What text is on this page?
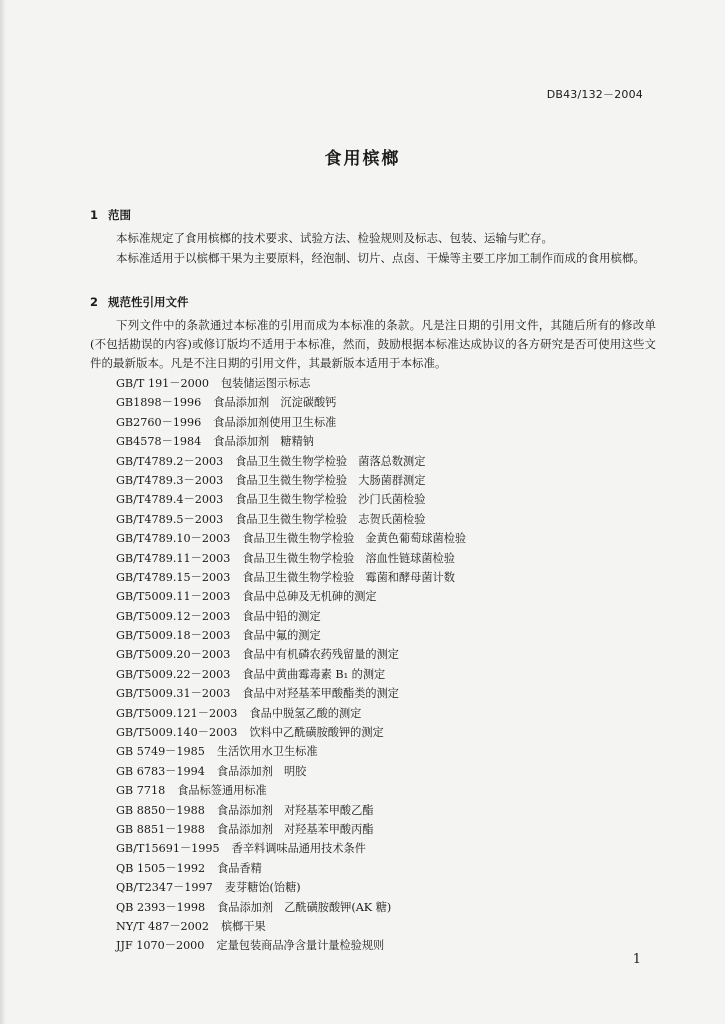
DB43/132－2004
食用槟榔
1 范围
本标准规定了食用槟榔的技术要求、试验方法、检验规则及标志、包装、运输与贮存。
本标准适用于以槟榔干果为主要原料，经泡制、切片、点卤、干燥等主要工序加工制作而成的食用槟榔。
2 规范性引用文件
下列文件中的条款通过本标准的引用而成为本标准的条款。凡是注日期的引用文件，其随后所有的修改单(不包括勘误的内容)或修订版均不适用于本标准，然而，鼓励根据本标准达成协议的各方研究是否可使用这些文件的最新版本。凡是不注日期的引用文件，其最新版本适用于本标准。
GB/T 191－2000 包装储运图示标志
GB1898－1996 食品添加剂　沉淀碳酸钙
GB2760－1996 食品添加剂使用卫生标准
GB4578－1984 食品添加剂　糖精钠
GB/T4789.2－2003 食品卫生微生物学检验　菌落总数测定
GB/T4789.3－2003 食品卫生微生物学检验　大肠菌群测定
GB/T4789.4－2003 食品卫生微生物学检验　沙门氏菌检验
GB/T4789.5－2003 食品卫生微生物学检验　志贺氏菌检验
GB/T4789.10－2003 食品卫生微生物学检验　金黄色葡萄球菌检验
GB/T4789.11－2003 食品卫生微生物学检验　溶血性链球菌检验
GB/T4789.15－2003 食品卫生微生物学检验　霉菌和酵母菌计数
GB/T5009.11－2003 食品中总砷及无机砷的测定
GB/T5009.12－2003 食品中铅的测定
GB/T5009.18－2003 食品中氟的测定
GB/T5009.20－2003 食品中有机磷农药残留量的测定
GB/T5009.22－2003 食品中黄曲霉毒素 B₁ 的测定
GB/T5009.31－2003 食品中对羟基苯甲酸酯类的测定
GB/T5009.121－2003 食品中脱氢乙酸的测定
GB/T5009.140－2003 饮料中乙酰磺胺酸钾的测定
GB 5749－1985 生活饮用水卫生标准
GB 6783－1994 食品添加剂　明胶
GB 7718 食品标签通用标准
GB 8850－1988 食品添加剂　对羟基苯甲酸乙酯
GB 8851－1988 食品添加剂　对羟基苯甲酸丙酯
GB/T15691－1995 香辛料调味品通用技术条件
QB 1505－1992 食品香精
QB/T2347－1997 麦芽糖饴(饴糖)
QB 2393－1998 食品添加剂　乙酰磺胺酸钾(AK 糖)
NY/T 487－2002 槟榔干果
JJF 1070－2000 定量包装商品净含量计量检验规则
1
